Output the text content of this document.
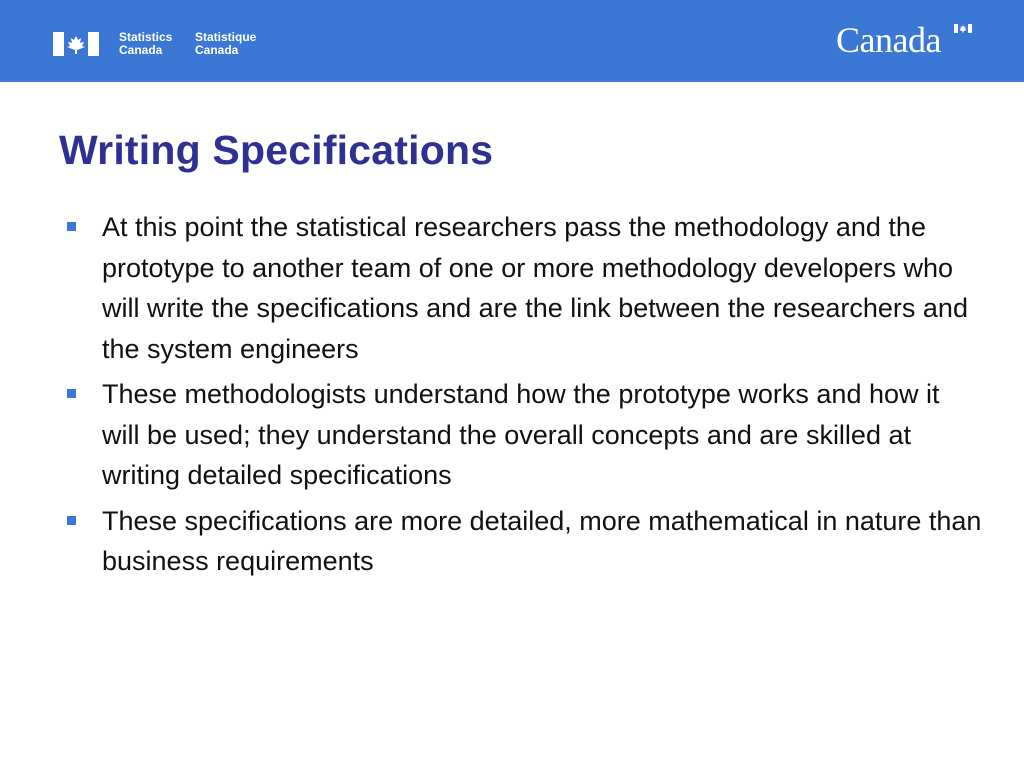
Statistics
Canada
Statistique
Canada	Canada
Writing Specifications
At this point the statistical researchers pass the methodology and the prototype to another team of one or more methodology developers who will write the specifications and are the link between the researchers and the system engineers
These methodologists understand how the prototype works and how it will be used; they understand the overall concepts and are skilled at writing detailed specifications
These specifications are more detailed, more mathematical in nature than business requirements
